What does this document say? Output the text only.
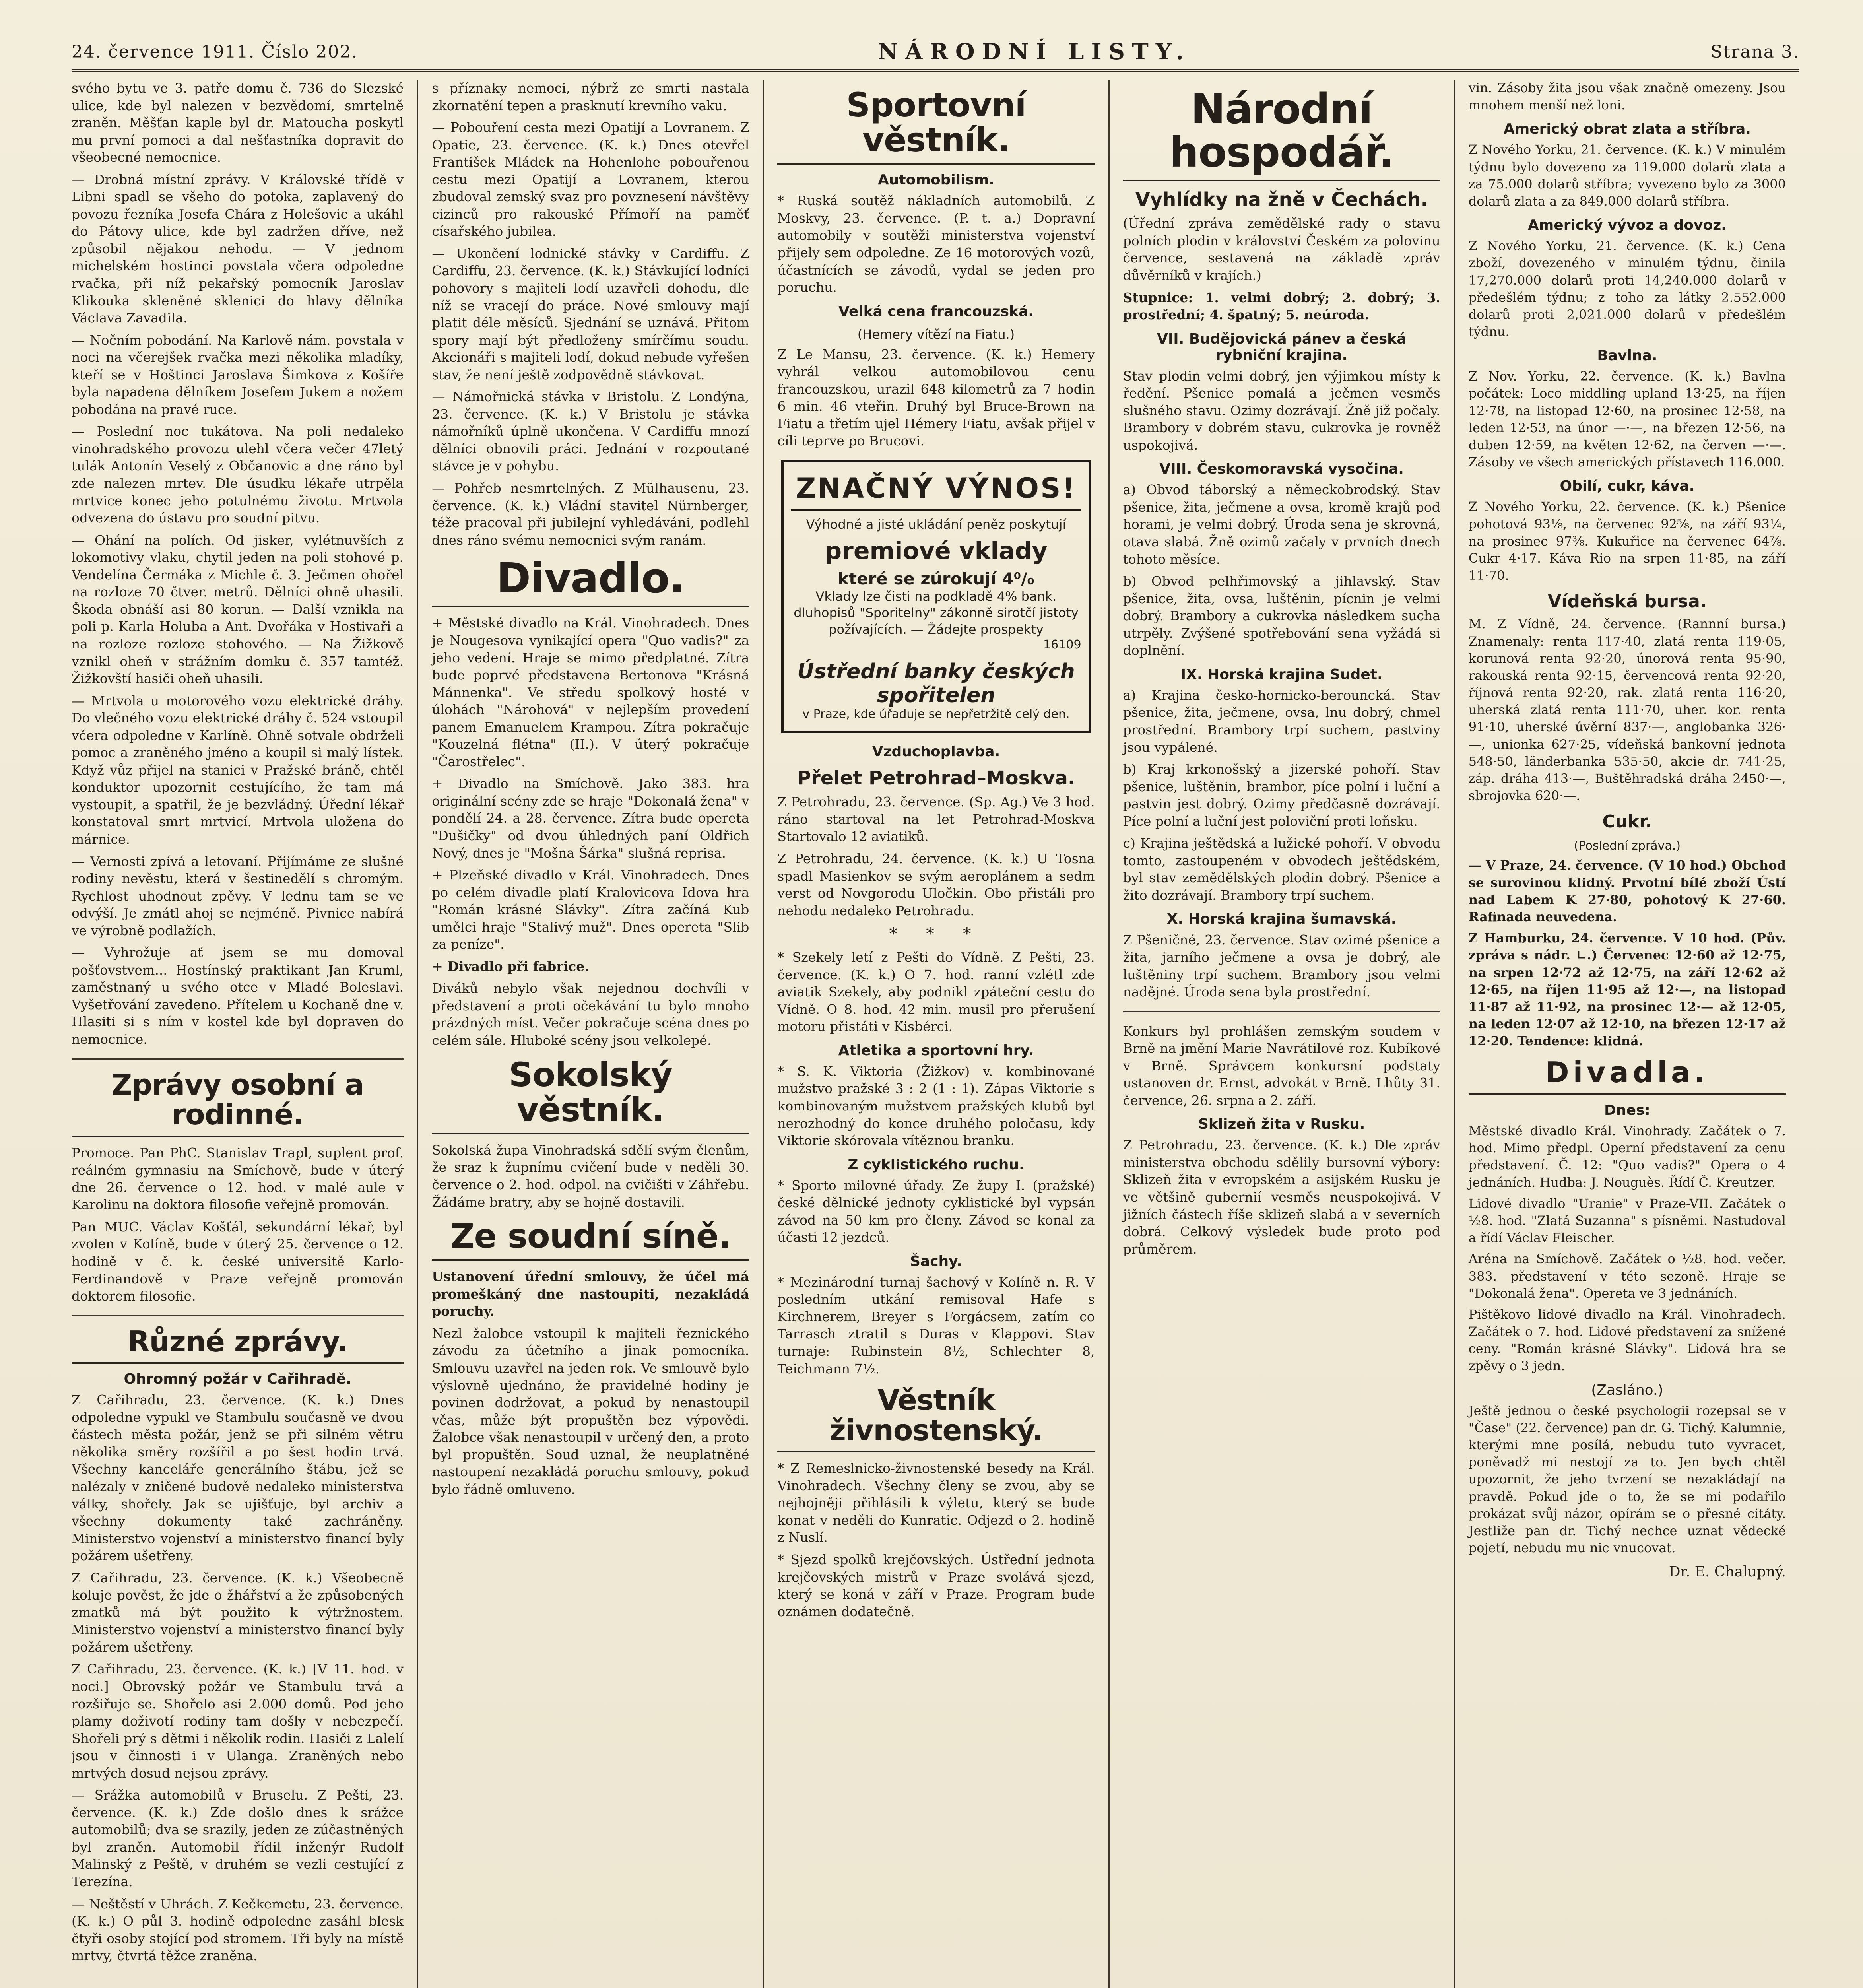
24. července 1911. Číslo 202.	NÁRODNÍ LISTY.	Strana 3.

svého bytu ve 3. patře domu č. 736 do Slezské ulice, kde byl nalezen v bezvědomí, smrtelně zraněn. Měšťan kaple byl dr. Matoucha poskytl mu první pomoci a dal nešťastníka dopravit do všeobecné nemocnice.

— Drobná místní zprávy. V Královské třídě v Libni spadl se všeho do potoka, zaplavený do povozu řezníka Josefa Chára z Holešovic a ukáhl do Pátovy ulice, kde byl zadržen dříve, než způsobil nějakou nehodu. — V jednom michelském hostinci povstala včera odpoledne rvačka, při níž pekařský pomocník Jaroslav Klikouka skleněné sklenici do hlavy dělníka Václava Zavadila.

— Nočním pobodání. Na Karlově nám. povstala v noci na včerejšek rvačka mezi několika mladíky, kteří se v Hoštinci Jaroslava Šimkova z Košíře byla napadena dělníkem Josefem Jukem a nožem pobodána na pravé ruce.

— Poslední noc tukátova. Na poli nedaleko vinohradského provozu ulehl včera večer 47letý tulák Antonín Veselý z Občanovic a dne ráno byl zde nalezen mrtev. Dle úsudku lékaře utrpěla mrtvice konec jeho potulnému životu. Mrtvola odvezena do ústavu pro soudní pitvu.

— Ohání na polích. Od jisker, vylétnuvších z lokomotivy vlaku, chytil jeden na poli stohové p. Vendelína Čermáka z Michle č. 3. Ječmen ohořel na rozloze 70 čtver. metrů. Dělníci ohně uhasili. Škoda obnáší asi 80 korun. — Další vznikla na poli p. Karla Holuba a Ant. Dvořáka v Hostivaři a na rozloze rozloze stohového. — Na Žižkově vznikl oheň v strážním domku č. 357 tamtéž. Žižkovští hasiči oheň uhasili.

— Mrtvola u motorového vozu elektrické dráhy. Do vlečného vozu elektrické dráhy č. 524 vstoupil včera odpoledne v Karlíně. Ohně sotvale obdrželi pomoc a zraněného jméno a koupil si malý lístek. Když vůz přijel na stanici v Pražské bráně, chtěl konduktor upozornit cestujícího, že tam má vystoupit, a spatřil, že je bezvládný. Úřední lékař konstatoval smrt mrtvicí. Mrtvola uložena do márnice.

— Vernosti zpívá a letovaní. Přijímáme ze slušné rodiny nevěstu, která v šestinedělí s chromým. Rychlost uhodnout zpěvy. V lednu tam se ve odvýší. Je zmátl ahoj se nejméně. Pivnice nabírá ve výrobně podlažích.

— Vyhrožuje ať jsem se mu domoval pošťovstvem... Hostínský praktikant Jan Kruml, zaměstnaný u svého otce v Mladé Boleslavi. Vyšetřování zavedeno. Přítelem u Kochaně dne v. Hlasiti si s ním v kostel kde byl dopraven do nemocnice.

Zprávy osobní a rodinné.

Promoce. Pan PhC. Stanislav Trapl, suplent prof. reálném gymnasiu na Smíchově, bude v úterý dne 26. července o 12. hod. v malé aule v Karolinu na doktora filosofie veřejně promován.

Pan MUC. Václav Košťál, sekundární lékař, byl zvolen v Kolíně, bude v úterý 25. července o 12. hodině v č. k. české universitě Karlo-Ferdinandově v Praze veřejně promován doktorem filosofie.

Různé zprávy.
Ohromný požár v Cařihradě.

Z Cařihradu, 23. července. (K. k.) Dnes odpoledne vypukl ve Stambulu současně ve dvou částech města požár, jenž se při silném větru několika směry rozšířil a po šest hodin trvá. Všechny kanceláře generálního štábu, jež se nalézaly v zničené budově nedaleko ministerstva války, shořely. Jak se ujišťuje, byl archiv a všechny dokumenty také zachráněny. Ministerstvo vojenství a ministerstvo financí byly požárem ušetřeny.

Z Cařihradu, 23. července. (K. k.) Všeobecně koluje pověst, že jde o žhářství a že způsobených zmatků má být použito k výtržnostem. Ministerstvo vojenství a ministerstvo financí byly požárem ušetřeny.

Z Cařihradu, 23. července. (K. k.) [V 11. hod. v noci.] Obrovský požár ve Stambulu trvá a rozšiřuje se. Shořelo asi 2.000 domů. Pod jeho plamy doživotí rodiny tam došly v nebezpečí. Shořeli prý s dětmi i několik rodin. Hasiči z Lalelí jsou v činnosti i v Ulanga. Zraněných nebo mrtvých dosud nejsou zprávy.

— Srážka automobilů v Bruselu. Z Pešti, 23. července. (K. k.) Zde došlo dnes k srážce automobilů; dva se srazily, jeden ze zúčastněných byl zraněn. Automobil řídil inženýr Rudolf Malinský z Peště, v druhém se vezli cestující z Terezína.

— Neštěstí v Uhrách. Z Kečkemetu, 23. července. (K. k.) O půl 3. hodině odpoledne zasáhl blesk čtyři osoby stojící pod stromem. Tři byly na místě mrtvy, čtvrtá těžce zraněna.

s příznaky nemoci, nýbrž ze smrti nastala zkornatění tepen a prasknutí krevního vaku.

— Pobouření cesta mezi Opatijí a Lovranem. Z Opatie, 23. července. (K. k.) Dnes otevřel František Mládek na Hohenlohe pobouřenou cestu mezi Opatijí a Lovranem, kterou zbudoval zemský svaz pro povznesení návštěvy cizinců pro rakouské Přímoří na paměť císařského jubilea.

— Ukončení lodnické stávky v Cardiffu. Z Cardiffu, 23. července. (K. k.) Stávkující lodníci pohovory s majiteli lodí uzavřeli dohodu, dle níž se vracejí do práce. Nové smlouvy mají platit déle měsíců. Sjednání se uznává. Přitom spory mají být předloženy smírčímu soudu. Akcionáři s majiteli lodí, dokud nebude vyřešen stav, že není ještě zodpovědně stávkovat.

— Námořnická stávka v Bristolu. Z Londýna, 23. července. (K. k.) V Bristolu je stávka námořníků úplně ukončena. V Cardiffu mnozí dělníci obnovili práci. Jednání v rozpoutané stávce je v pohybu.

— Pohřeb nesmrtelných. Z Mülhausenu, 23. července. (K. k.) Vládní stavitel Nürnberger, téže pracoval při jubilejní vyhledáváni, podlehl dnes ráno svému nemocnici svým ranám.

Divadlo.

+ Městské divadlo na Král. Vinohradech. Dnes je Nougesova vynikající opera "Quo vadis?" za jeho vedení. Hraje se mimo předplatné. Zítra bude poprvé představena Bertonova "Krásná Mánnenka". Ve středu spolkový hosté v úlohách "Nárohová" v nejlepším provedení panem Emanuelem Krampou. Zítra pokračuje "Kouzelná flétna" (II.). V úterý pokračuje "Čarostřelec".

+ Divadlo na Smíchově. Jako 383. hra originální scény zde se hraje "Dokonalá žena" v pondělí 24. a 28. července. Zítra bude opereta "Dušičky" od dvou úhledných paní Oldřich Nový, dnes je "Mošna Šárka" slušná reprisa.

+ Plzeňské divadlo v Král. Vinohradech. Dnes po celém divadle platí Kralovicova Idova hra "Román krásné Slávky". Zítra začíná Kub umělci hraje "Stalivý muž". Dnes opereta "Slib za peníze".

+ Divadlo při fabrice.

Diváků nebylo však nejednou dochvíli v představení a proti očekávání tu bylo mnoho prázdných míst. Večer pokračuje scéna dnes po celém sále. Hluboké scény jsou velkolepé.

Sokolský věstník.

Sokolská župa Vinohradská sdělí svým členům, že sraz k župnímu cvičení bude v neděli 30. července o 2. hod. odpol. na cvičišti v Záhřebu. Žádáme bratry, aby se hojně dostavili.

Ze soudní síně.

Ustanovení úřední smlouvy, že účel má promeškáný dne nastoupiti, nezakládá poruchy.

Nezl žalobce vstoupil k majiteli řeznického závodu za účetního a jinak pomocníka. Smlouvu uzavřel na jeden rok. Ve smlouvě bylo výslovně ujednáno, že pravidelné hodiny je povinen dodržovat, a pokud by nenastoupil včas, může být propuštěn bez výpovědi. Žalobce však nenastoupil v určený den, a proto byl propuštěn. Soud uznal, že neuplatněné nastoupení nezakládá poruchu smlouvy, pokud bylo řádně omluveno.

Sportovní věstník.
Automobilism.

* Ruská soutěž nákladních automobilů. Z Moskvy, 23. července. (P. t. a.) Dopravní automobily v soutěži ministerstva vojenství přijely sem odpoledne. Ze 16 motorových vozů, účastnících se závodů, vydal se jeden pro poruchu.

Velká cena francouzská.
(Hemery vítězí na Fiatu.)

Z Le Mansu, 23. července. (K. k.) Hemery vyhrál velkou automobilovou cenu francouzskou, urazil 648 kilometrů za 7 hodin 6 min. 46 vteřin. Druhý byl Bruce-Brown na Fiatu a třetím ujel Hémery Fiatu, avšak přijel v cíli teprve po Brucovi.

ZNAČNÝ VÝNOS!
Výhodné a jisté ukládání peněz poskytují
premiové vklady
které se zúrokují 4⁰/₀
Vklady lze čisti na podkladě 4% bank. dluhopisů "Sporitelny" zákonně sirotčí jistoty požívajících. — Žádejte prospekty
16109
Ústřední banky českých spořitelen
v Praze, kde úřaduje se nepřetržitě celý den.
Vzduchoplavba.
Přelet Petrohrad–Moskva.

Z Petrohradu, 23. července. (Sp. Ag.) Ve 3 hod. ráno startoval na let Petrohrad-Moskva Startovalo 12 aviatiků.

Z Petrohradu, 24. července. (K. k.) U Tosna spadl Masienkov se svým aeroplánem a sedm verst od Novgorodu Uločkin. Obo přistáli pro nehodu nedaleko Petrohradu.

* * *

* Szekely letí z Pešti do Vídně. Z Pešti, 23. července. (K. k.) O 7. hod. ranní vzlétl zde aviatik Szekely, aby podnikl zpáteční cestu do Vídně. O 8. hod. 42 min. musil pro přerušení motoru přistáti v Kisbérci.

Atletika a sportovní hry.

* S. K. Viktoria (Žižkov) v. kombinované mužstvo pražské 3 : 2 (1 : 1). Zápas Viktorie s kombinovaným mužstvem pražských klubů byl nerozhodný do konce druhého poločasu, kdy Viktorie skórovala vítěznou branku.

Z cyklistického ruchu.

* Sporto milovné úřady. Ze župy I. (pražské) české dělnické jednoty cyklistické byl vypsán závod na 50 km pro členy. Závod se konal za účasti 12 jezdců.

Šachy.

* Mezinárodní turnaj šachový v Kolíně n. R. V posledním utkání remisoval Hafe s Kirchnerem, Breyer s Forgácsem, zatím co Tarrasch ztratil s Duras v Klappovi. Stav turnaje: Rubinstein 8½, Schlechter 8, Teichmann 7½.

Věstník živnostenský.

* Z Remeslnicko-živnostenské besedy na Král. Vinohradech. Všechny členy se zvou, aby se nejhojněji přihlásili k výletu, který se bude konat v neděli do Kunratic. Odjezd o 2. hodině z Nuslí.

* Sjezd spolků krejčovských. Ústřední jednota krejčovských mistrů v Praze svolává sjezd, který se koná v září v Praze. Program bude oznámen dodatečně.

Národní hospodář.
Vyhlídky na žně v Čechách.

(Úřední zpráva zemědělské rady o stavu polních plodin v království Českém za polovinu července, sestavená na základě zpráv důvěrníků v krajích.)

Stupnice: 1. velmi dobrý; 2. dobrý; 3. prostřední; 4. špatný; 5. neúroda.

VII. Budějovická pánev a česká rybniční krajina.

Stav plodin velmi dobrý, jen výjimkou místy k ředění. Pšenice pomalá a ječmen vesměs slušného stavu. Ozimy dozrávají. Žně již počaly. Brambory v dobrém stavu, cukrovka je rovněž uspokojivá.

VIII. Českomoravská vysočina.

a) Obvod táborský a německobrodský. Stav pšenice, žita, ječmene a ovsa, kromě krajů pod horami, je velmi dobrý. Úroda sena je skrovná, otava slabá. Žně ozimů začaly v prvních dnech tohoto měsíce.

b) Obvod pelhřimovský a jihlavský. Stav pšenice, žita, ovsa, luštěnin, pícnin je velmi dobrý. Brambory a cukrovka následkem sucha utrpěly. Zvýšené spotřebování sena vyžádá si doplnění.

IX. Horská krajina Sudet.

a) Krajina česko-hornicko-berouncká. Stav pšenice, žita, ječmene, ovsa, lnu dobrý, chmel prostřední. Brambory trpí suchem, pastviny jsou vypálené.

b) Kraj krkonošský a jizerské pohoří. Stav pšenice, luštěnin, brambor, píce polní i luční a pastvin jest dobrý. Ozimy předčasně dozrávají. Píce polní a luční jest poloviční proti loňsku.

c) Krajina ještědská a lužické pohoří. V obvodu tomto, zastoupeném v obvodech ještědském, byl stav zemědělských plodin dobrý. Pšenice a žito dozrávají. Brambory trpí suchem.

X. Horská krajina šumavská.

Z Pšeničné, 23. července. Stav ozimé pšenice a žita, jarního ječmene a ovsa je dobrý, ale luštěniny trpí suchem. Brambory jsou velmi nadějné. Úroda sena byla prostřední.

Konkurs byl prohlášen zemským soudem v Brně na jmění Marie Navrátilové roz. Kubíkové v Brně. Správcem konkursní podstaty ustanoven dr. Ernst, advokát v Brně. Lhůty 31. července, 26. srpna a 2. září.

Sklizeň žita v Rusku.

Z Petrohradu, 23. července. (K. k.) Dle zpráv ministerstva obchodu sdělily bursovní výbory: Sklizeň žita v evropském a asijském Rusku je ve většině gubernií vesměs neuspokojivá. V jižních částech říše sklizeň slabá a v severních dobrá. Celkový výsledek bude proto pod průměrem.

vin. Zásoby žita jsou však značně omezeny. Jsou mnohem menší než loni.

Americký obrat zlata a stříbra.

Z Nového Yorku, 21. července. (K. k.) V minulém týdnu bylo dovezeno za 119.000 dolarů zlata a za 75.000 dolarů stříbra; vyvezeno bylo za 3000 dolarů zlata a za 849.000 dolarů stříbra.

Americký vývoz a dovoz.

Z Nového Yorku, 21. července. (K. k.) Cena zboží, dovezeného v minulém týdnu, činila 17,270.000 dolarů proti 14,240.000 dolarů v předešlém týdnu; z toho za látky 2.552.000 dolarů proti 2,021.000 dolarů v předešlém týdnu.

Bavlna.

Z Nov. Yorku, 22. července. (K. k.) Bavlna počátek: Loco middling upland 13·25, na říjen 12·78, na listopad 12·60, na prosinec 12·58, na leden 12·53, na únor —·—, na březen 12·56, na duben 12·59, na květen 12·62, na červen —·—. Zásoby ve všech amerických přístavech 116.000.

Obilí, cukr, káva.

Z Nového Yorku, 22. července. (K. k.) Pšenice pohotová 93⅛, na červenec 92⅝, na září 93¼, na prosinec 97⅜. Kukuřice na červenec 64⅞. Cukr 4·17. Káva Rio na srpen 11·85, na září 11·70.

Vídeňská bursa.

M. Z Vídně, 24. července. (Rannní bursa.) Znamenaly: renta 117·40, zlatá renta 119·05, korunová renta 92·20, únorová renta 95·90, rakouská renta 92·15, červencová renta 92·20, říjnová renta 92·20, rak. zlatá renta 116·20, uherská zlatá renta 111·70, uher. kor. renta 91·10, uherské úvěrní 837·—, anglobanka 326·—, unionka 627·25, vídeňská bankovní jednota 548·50, länderbanka 535·50, akcie dr. 741·25, záp. dráha 413·—, Buštěhradská dráha 2450·—, sbrojovka 620·—.

Cukr.
(Poslední zpráva.)

— V Praze, 24. července. (V 10 hod.) Obchod se surovinou klidný. Prvotní bílé zboží Ústí nad Labem K 27·80, pohotový K 27·60. Rafinada neuvedena.

Z Hamburku, 24. července. V 10 hod. (Pův. zpráva s nádr. ∟.) Červenec 12·60 až 12·75, na srpen 12·72 až 12·75, na září 12·62 až 12·65, na říjen 11·95 až 12·—, na listopad 11·87 až 11·92, na prosinec 12·— až 12·05, na leden 12·07 až 12·10, na březen 12·17 až 12·20. Tendence: klidná.

Divadla.
Dnes:

Městské divadlo Král. Vinohrady. Začátek o 7. hod. Mimo předpl. Operní představení za cenu představení. Č. 12: "Quo vadis?" Opera o 4 jednáních. Hudba: J. Nouguès. Řídí Č. Kreutzer.

Lidové divadlo "Uranie" v Praze-VII. Začátek o ½8. hod. "Zlatá Suzanna" s písněmi. Nastudoval a řídí Václav Fleischer.

Aréna na Smíchově. Začátek o ½8. hod. večer. 383. představení v této sezoně. Hraje se "Dokonalá žena". Opereta ve 3 jednáních.

Pištěkovo lidové divadlo na Král. Vinohradech. Začátek o 7. hod. Lidové představení za snížené ceny. "Román krásné Slávky". Lidová hra se zpěvy o 3 jedn.

(Zasláno.)

Ještě jednou o české psychologii rozepsal se v "Čase" (22. července) pan dr. G. Tichý. Kalumnie, kterými mne posílá, nebudu tuto vyvracet, poněvadž mi nestojí za to. Jen bych chtěl upozornit, že jeho tvrzení se nezakládají na pravdě. Pokud jde o to, že se mi podařilo prokázat svůj názor, opírám se o přesné citáty. Jestliže pan dr. Tichý nechce uznat vědecké pojetí, nebudu mu nic vnucovat.

Dr. E. Chalupný.
